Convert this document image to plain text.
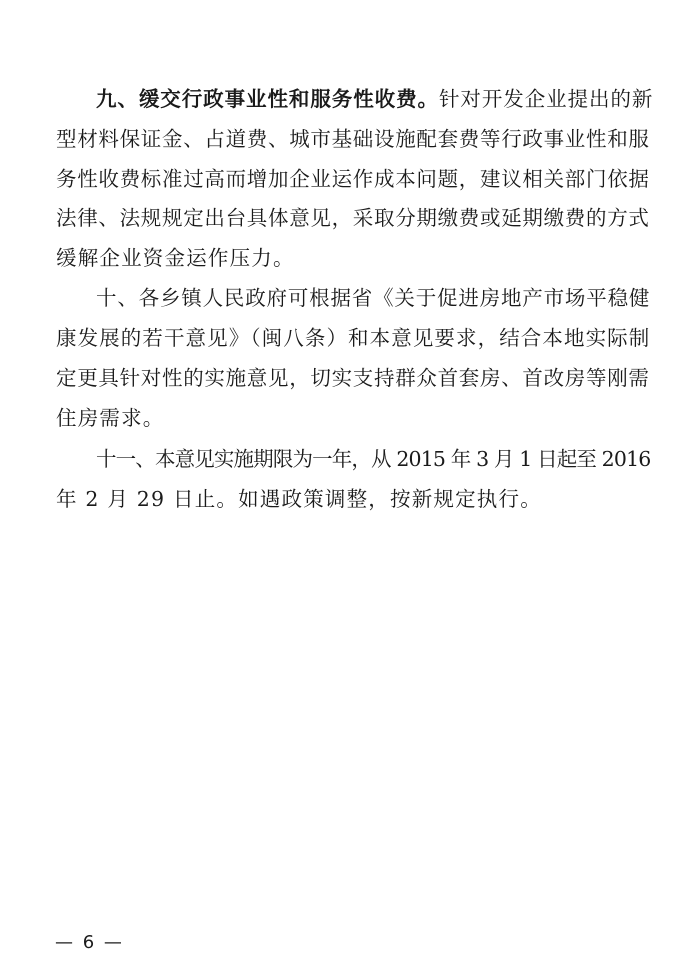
九、缓交行政事业性和服务性收费。针对开发企业提出的新
型材料保证金、占道费、城市基础设施配套费等行政事业性和服
务性收费标准过高而增加企业运作成本问题，建议相关部门依据
法律、法规规定出台具体意见，采取分期缴费或延期缴费的方式
缓解企业资金运作压力。
十、各乡镇人民政府可根据省《关于促进房地产市场平稳健
康发展的若干意见》（闽八条）和本意见要求，结合本地实际制
定更具针对性的实施意见，切实支持群众首套房、首改房等刚需
住房需求。
十一、本意见实施期限为一年，从 2015 年 3 月 1 日起至 2016
年 2 月 29 日止。如遇政策调整，按新规定执行。
— 6 —
